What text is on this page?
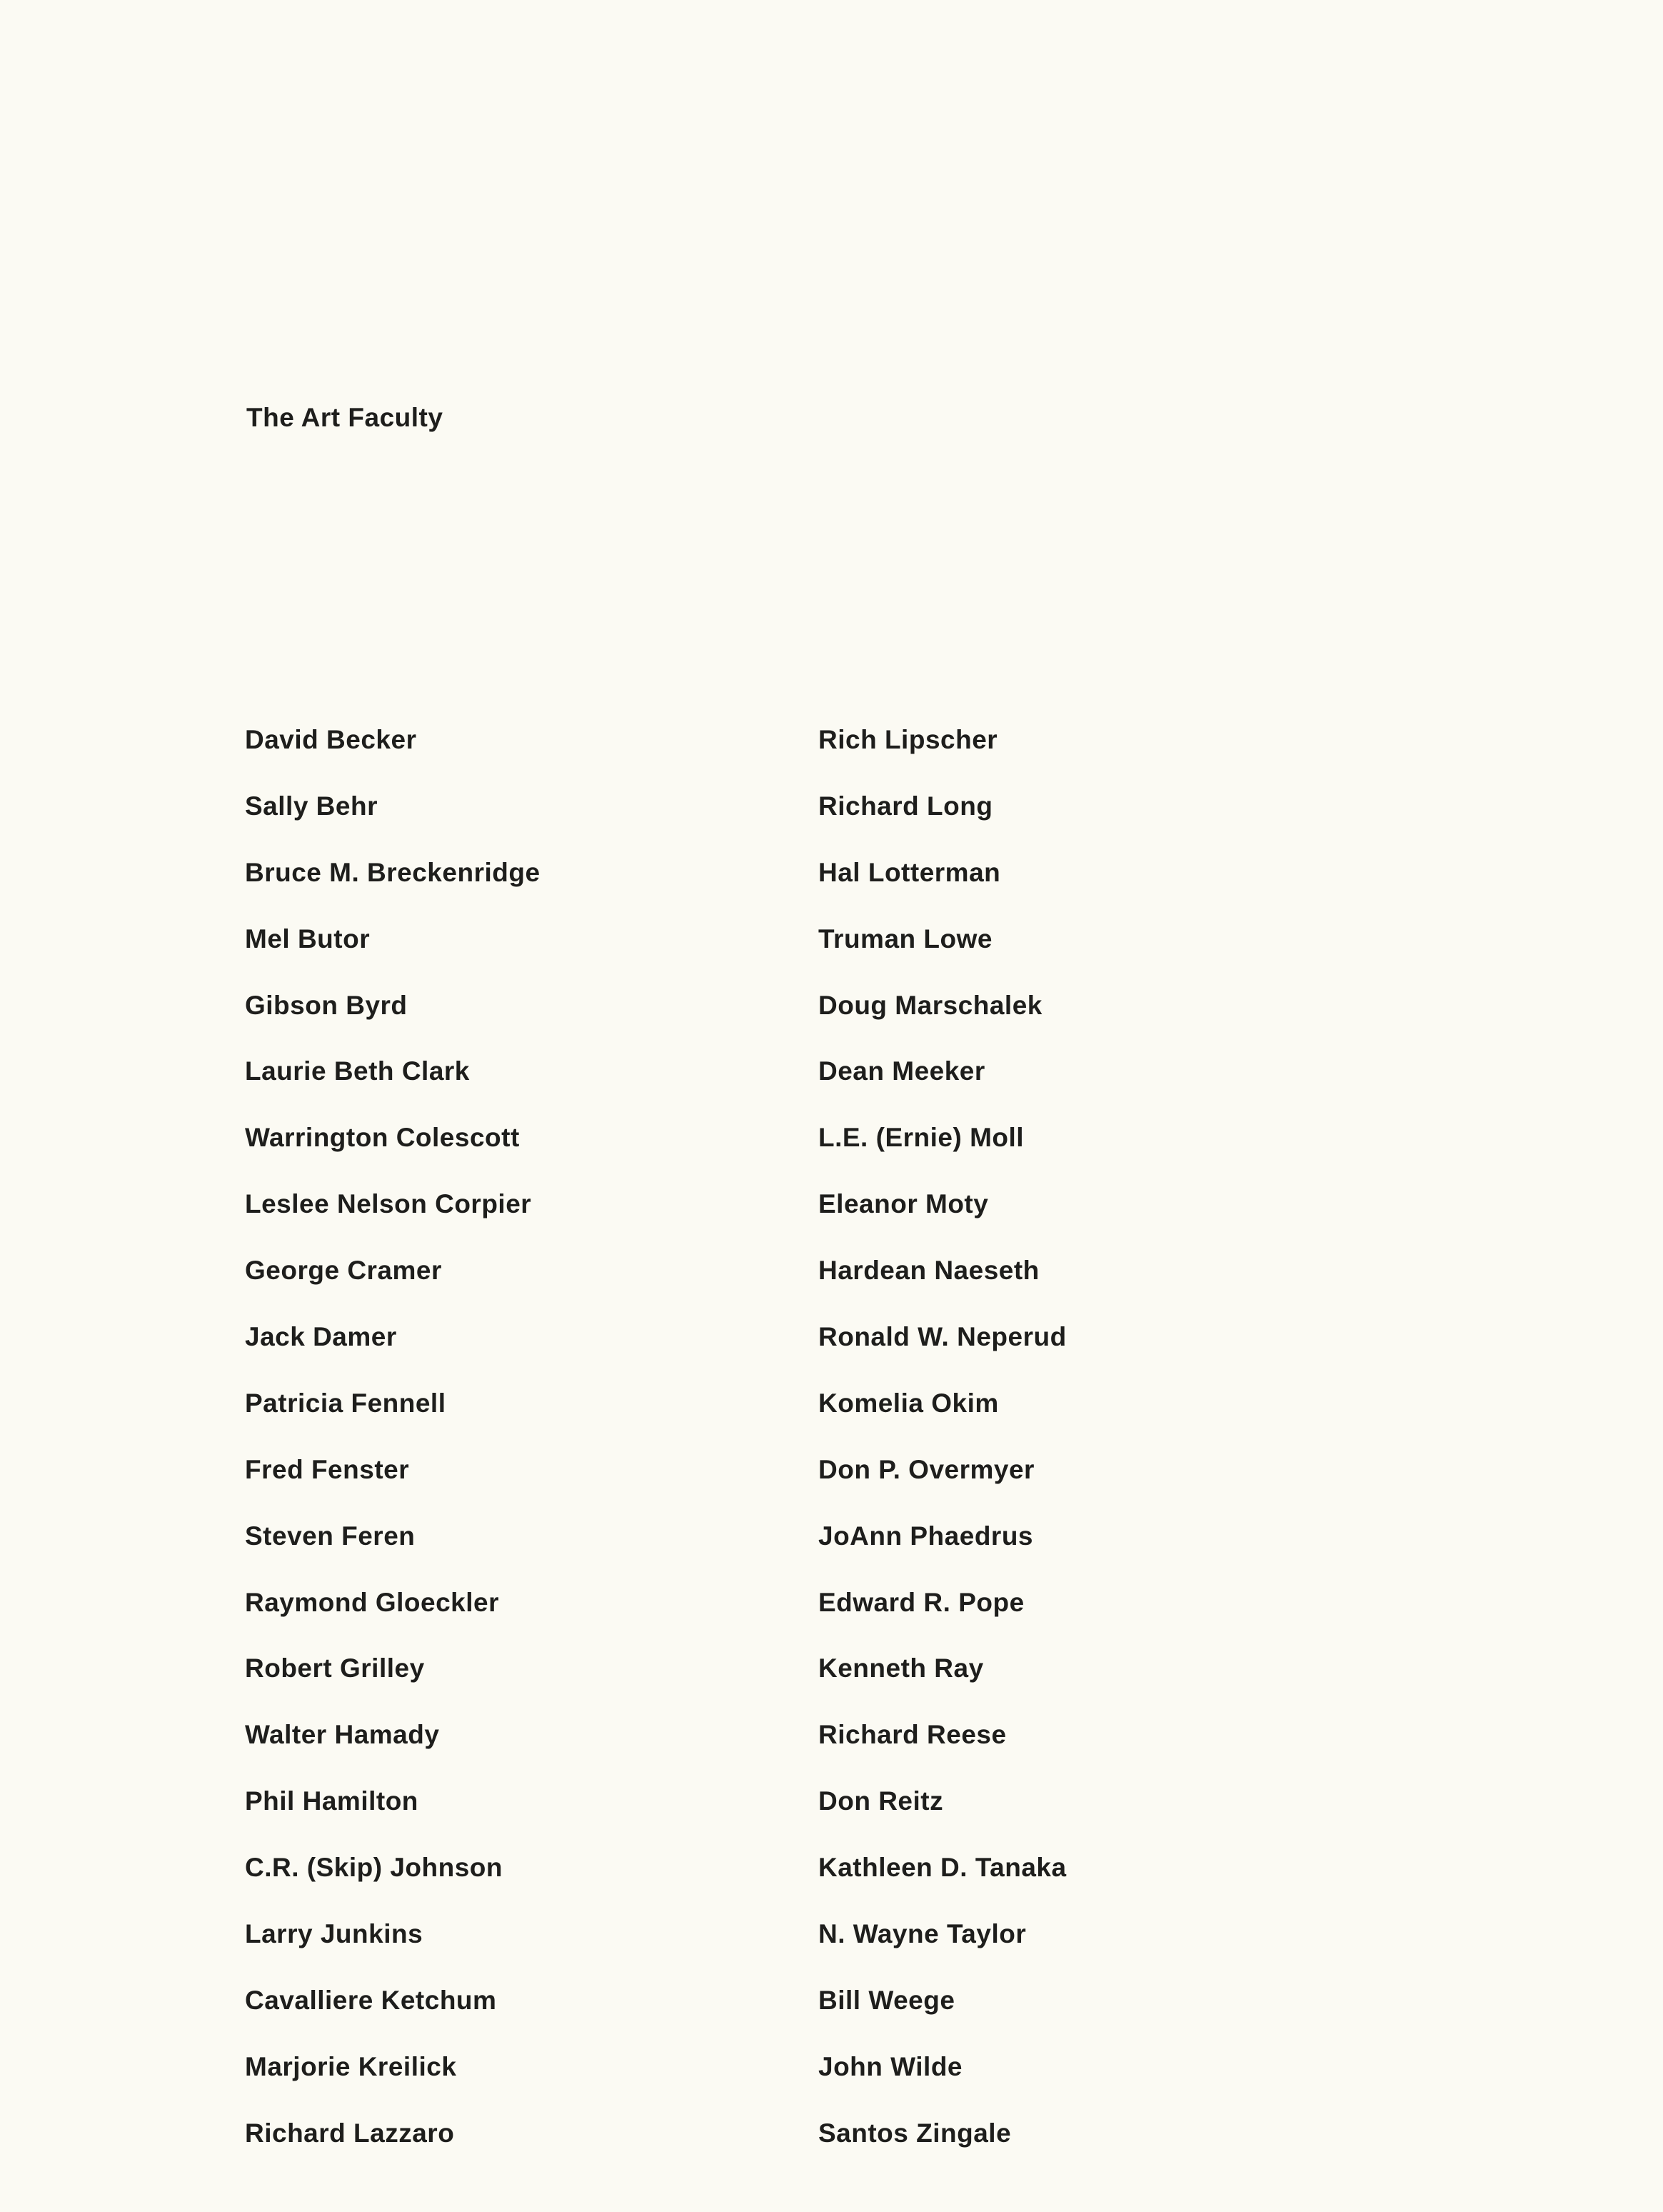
The Art Faculty
David Becker
Sally Behr
Bruce M. Breckenridge
Mel Butor
Gibson Byrd
Laurie Beth Clark
Warrington Colescott
Leslee Nelson Corpier
George Cramer
Jack Damer
Patricia Fennell
Fred Fenster
Steven Feren
Raymond Gloeckler
Robert Grilley
Walter Hamady
Phil Hamilton
C.R. (Skip) Johnson
Larry Junkins
Cavalliere Ketchum
Marjorie Kreilick
Richard Lazzaro
Rich Lipscher
Richard Long
Hal Lotterman
Truman Lowe
Doug Marschalek
Dean Meeker
L.E. (Ernie) Moll
Eleanor Moty
Hardean Naeseth
Ronald W. Neperud
Komelia Okim
Don P. Overmyer
JoAnn Phaedrus
Edward R. Pope
Kenneth Ray
Richard Reese
Don Reitz
Kathleen D. Tanaka
N. Wayne Taylor
Bill Weege
John Wilde
Santos Zingale
